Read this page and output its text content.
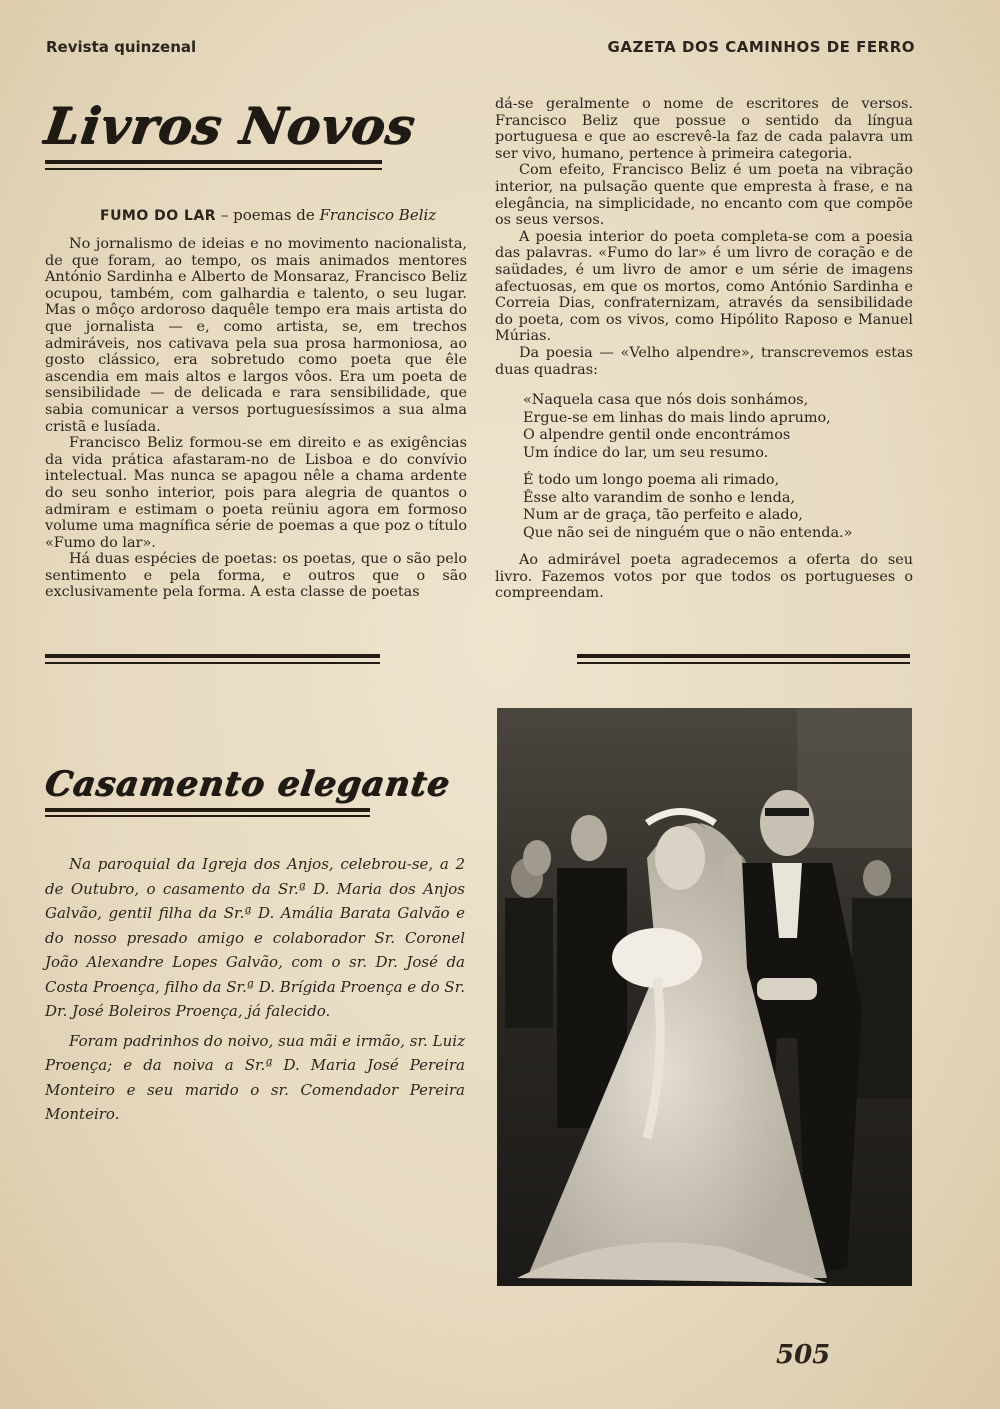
Revista quinzenal	GAZETA DOS CAMINHOS DE FERRO
Livros Novos
FUMO DO LAR – poemas de Francisco Beliz

No jornalismo de ideias e no movimento nacionalista, de que foram, ao tempo, os mais animados mentores António Sardinha e Alberto de Monsaraz, Francisco Beliz ocupou, também, com galhardia e talento, o seu lugar. Mas o môço ardoroso daquêle tempo era mais artista do que jornalista — e, como artista, se, em trechos admiráveis, nos cativava pela sua prosa harmoniosa, ao gosto clássico, era sobretudo como poeta que êle ascendia em mais altos e largos vôos. Era um poeta de sensibilidade — de delicada e rara sensibilidade, que sabia comunicar a versos portuguesíssimos a sua alma cristã e lusíada.

Francisco Beliz formou-se em direito e as exigências da vida prática afastaram-no de Lisboa e do convívio intelectual. Mas nunca se apagou nêle a chama ardente do seu sonho interior, pois para alegria de quantos o admiram e estimam o poeta reüniu agora em formoso volume uma magnífica série de poemas a que poz o título «Fumo do lar».

Há duas espécies de poetas: os poetas, que o são pelo sentimento e pela forma, e outros que o são exclusivamente pela forma. A esta classe de poetas

dá-se geralmente o nome de escritores de versos. Francisco Beliz que possue o sentido da língua portuguesa e que ao escrevê-la faz de cada palavra um ser vivo, humano, pertence à primeira categoria.

Com efeito, Francisco Beliz é um poeta na vibração interior, na pulsação quente que empresta à frase, e na elegância, na simplicidade, no encanto com que compõe os seus versos.

A poesia interior do poeta completa-se com a poesia das palavras. «Fumo do lar» é um livro de coração e de saüdades, é um livro de amor e um série de imagens afectuosas, em que os mortos, como António Sardinha e Correia Dias, confraternizam, através da sensibilidade do poeta, com os vivos, como Hipólito Raposo e Manuel Múrias.

Da poesia — «Velho alpendre», transcrevemos estas duas quadras:

«Naquela casa que nós dois sonhámos,
Ergue-se em linhas do mais lindo aprumo,
O alpendre gentil onde encontrámos
Um índice do lar, um seu resumo.
É todo um longo poema ali rimado,
Êsse alto varandim de sonho e lenda,
Num ar de graça, tão perfeito e alado,
Que não sei de ninguém que o não entenda.»

Ao admirável poeta agradecemos a oferta do seu livro. Fazemos votos por que todos os portugueses o compreendam.

Casamento elegante

Na paroquial da Igreja dos Anjos, celebrou-se, a 2 de Outubro, o casamento da Sr.ª D. Maria dos Anjos Galvão, gentil filha da Sr.ª D. Amália Barata Galvão e do nosso presado amigo e colaborador Sr. Coronel João Alexandre Lopes Galvão, com o sr. Dr. José da Costa Proença, filho da Sr.ª D. Brígida Proença e do Sr. Dr. José Boleiros Proença, já falecido.

Foram padrinhos do noivo, sua mãi e irmão, sr. Luiz Proença; e da noiva a Sr.ª D. Maria José Pereira Monteiro e seu marido o sr. Comendador Pereira Monteiro.

505
